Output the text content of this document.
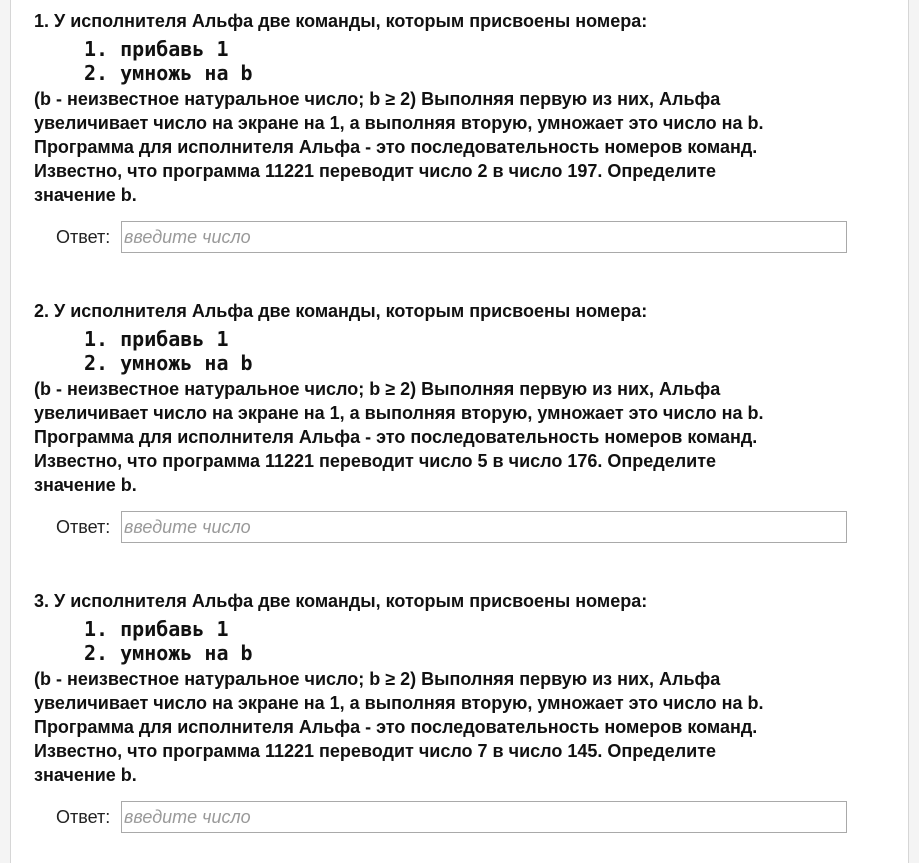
1. У исполнителя Альфа две команды, которым присвоены номера:
1. прибавь 1
2. умножь на b
(b - неизвестное натуральное число; b ≥ 2) Выполняя первую из них, Альфа
увеличивает число на экране на 1, а выполняя вторую, умножает это число на b.
Программа для исполнителя Альфа - это последовательность номеров команд.
Известно, что программа 11221 переводит число 2 в число 197. Определите
значение b.
Ответ:
введите число
2. У исполнителя Альфа две команды, которым присвоены номера:
1. прибавь 1
2. умножь на b
(b - неизвестное натуральное число; b ≥ 2) Выполняя первую из них, Альфа
увеличивает число на экране на 1, а выполняя вторую, умножает это число на b.
Программа для исполнителя Альфа - это последовательность номеров команд.
Известно, что программа 11221 переводит число 5 в число 176. Определите
значение b.
Ответ:
введите число
3. У исполнителя Альфа две команды, которым присвоены номера:
1. прибавь 1
2. умножь на b
(b - неизвестное натуральное число; b ≥ 2) Выполняя первую из них, Альфа
увеличивает число на экране на 1, а выполняя вторую, умножает это число на b.
Программа для исполнителя Альфа - это последовательность номеров команд.
Известно, что программа 11221 переводит число 7 в число 145. Определите
значение b.
Ответ:
введите число
